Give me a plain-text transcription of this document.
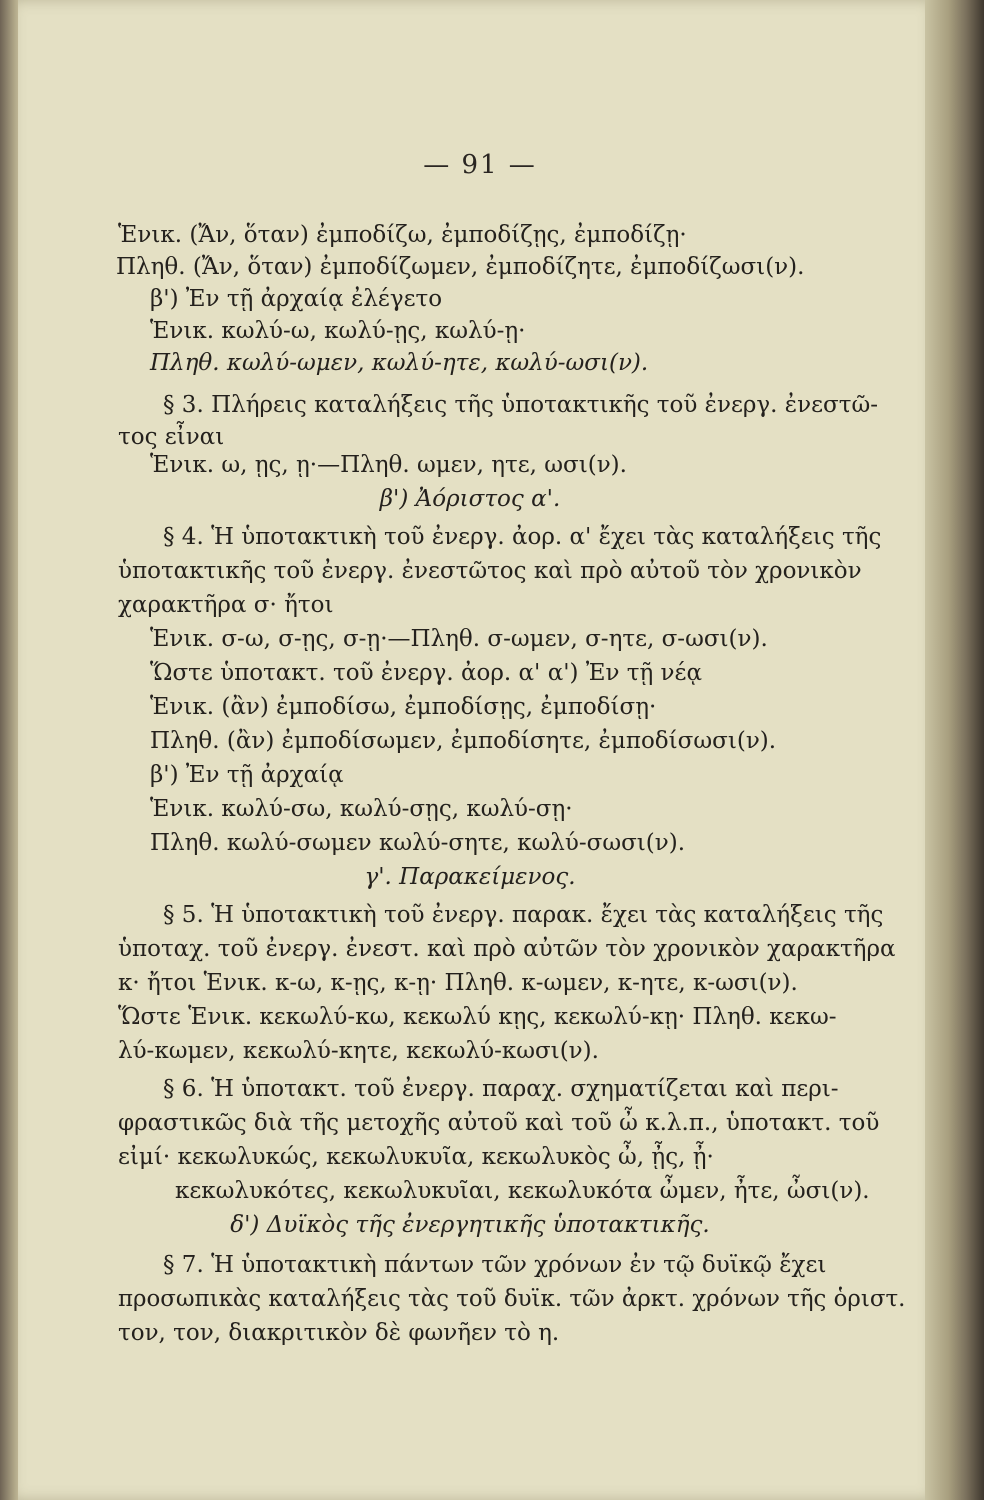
— 91 —
Ἑνικ. (Ἄν, ὅταν) ἐμποδίζω, ἐμποδίζῃς, ἐμποδίζῃ·
Πληθ. (Ἄν, ὅταν) ἐμποδίζωμεν, ἐμποδίζητε, ἐμποδίζωσι(ν).
β') Ἐν τῇ ἀρχαίᾳ ἐλέγετο
Ἑνικ. κωλύ-ω, κωλύ-ῃς, κωλύ-ῃ·
Πληθ. κωλύ-ωμεν, κωλύ-ητε, κωλύ-ωσι(ν).
§ 3. Πλήρεις καταλήξεις τῆς ὑποτακτικῆς τοῦ ἐνεργ. ἐνεστῶ-
τος εἶναι
Ἑνικ. ω, ῃς, ῃ·—Πληθ. ωμεν, ητε, ωσι(ν).
β') Ἀόριστος α'.
§ 4. Ἡ ὑποτακτικὴ τοῦ ἐνεργ. ἀορ. α' ἔχει τὰς καταλήξεις τῆς
ὑποτακτικῆς τοῦ ἐνεργ. ἐνεστῶτος καὶ πρὸ αὐτοῦ τὸν χρονικὸν
χαρακτῆρα σ· ἤτοι
Ἑνικ. σ-ω, σ-ῃς, σ-ῃ·—Πληθ. σ-ωμεν, σ-ητε, σ-ωσι(ν).
Ὥστε ὑποτακτ. τοῦ ἐνεργ. ἀορ. α' α') Ἐν τῇ νέᾳ
Ἑνικ. (ἂν) ἐμποδίσω, ἐμποδίσῃς, ἐμποδίσῃ·
Πληθ. (ἂν) ἐμποδίσωμεν, ἐμποδίσητε, ἐμποδίσωσι(ν).
β') Ἐν τῇ ἀρχαίᾳ
Ἑνικ. κωλύ-σω, κωλύ-σῃς, κωλύ-σῃ·
Πληθ. κωλύ-σωμεν κωλύ-σητε, κωλύ-σωσι(ν).
γ'. Παρακείμενος.
§ 5. Ἡ ὑποτακτικὴ τοῦ ἐνεργ. παρακ. ἔχει τὰς καταλήξεις τῆς
ὑποταχ. τοῦ ἐνεργ. ἐνεστ. καὶ πρὸ αὐτῶν τὸν χρονικὸν χαρακτῆρα
κ· ἤτοι Ἑνικ. κ-ω, κ-ῃς, κ-ῃ· Πληθ. κ-ωμεν, κ-ητε, κ-ωσι(ν).
Ὥστε Ἑνικ. κεκωλύ-κω, κεκωλύ κῃς, κεκωλύ-κῃ· Πληθ. κεκω-
λύ-κωμεν, κεκωλύ-κητε, κεκωλύ-κωσι(ν).
§ 6. Ἡ ὑποτακτ. τοῦ ἐνεργ. παραχ. σχηματίζεται καὶ περι-
φραστικῶς διὰ τῆς μετοχῆς αὐτοῦ καὶ τοῦ ὦ κ.λ.π., ὑποτακτ. τοῦ
εἰμί· κεκωλυκώς, κεκωλυκυῖα, κεκωλυκὸς ὦ, ᾖς, ᾖ·
κεκωλυκότες, κεκωλυκυῖαι, κεκωλυκότα ὦμεν, ἦτε, ὦσι(ν).
δ') Δυϊκὸς τῆς ἐνεργητικῆς ὑποτακτικῆς.
§ 7. Ἡ ὑποτακτικὴ πάντων τῶν χρόνων ἐν τῷ δυϊκῷ ἔχει
προσωπικὰς καταλήξεις τὰς τοῦ δυϊκ. τῶν ἀρκτ. χρόνων τῆς ὁριστ.
τον, τον, διακριτικὸν δὲ φωνῆεν τὸ η.
